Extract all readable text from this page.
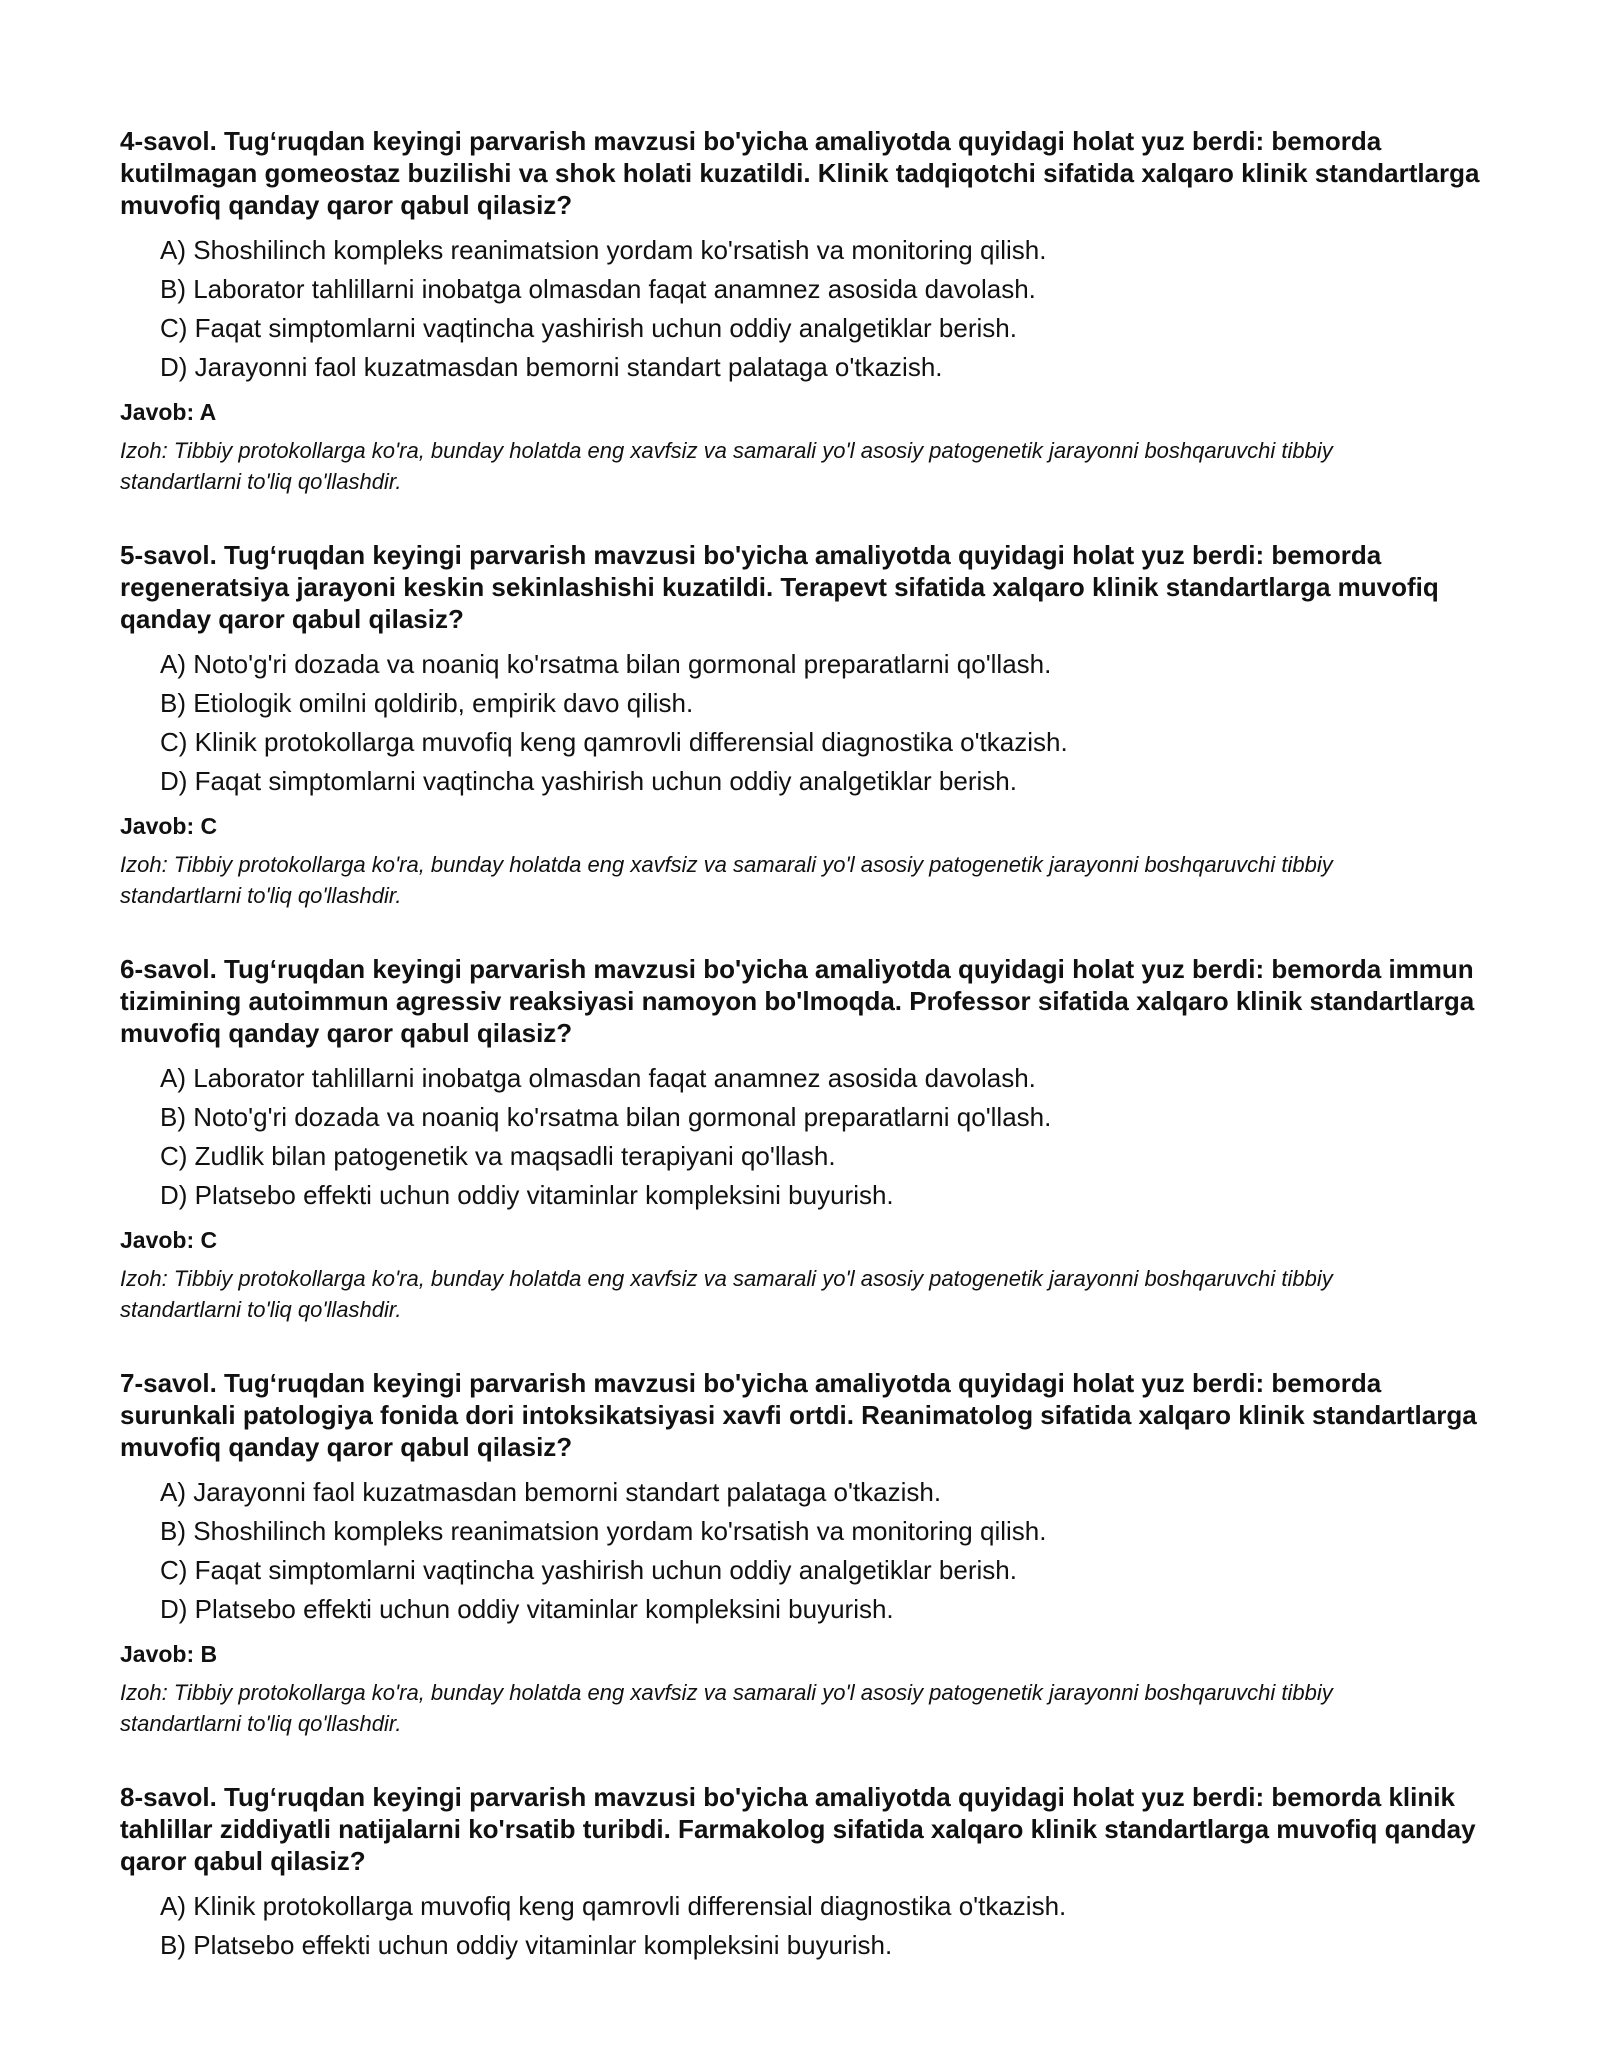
4-savol. Tug‘ruqdan keyingi parvarish mavzusi bo'yicha amaliyotda quyidagi holat yuz berdi: bemorda kutilmagan gomeostaz buzilishi va shok holati kuzatildi. Klinik tadqiqotchi sifatida xalqaro klinik standartlarga muvofiq qanday qaror qabul qilasiz?
A) Shoshilinch kompleks reanimatsion yordam ko'rsatish va monitoring qilish.
B) Laborator tahlillarni inobatga olmasdan faqat anamnez asosida davolash.
C) Faqat simptomlarni vaqtincha yashirish uchun oddiy analgetiklar berish.
D) Jarayonni faol kuzatmasdan bemorni standart palataga o'tkazish.
Javob: A
Izoh: Tibbiy protokollarga ko'ra, bunday holatda eng xavfsiz va samarali yo'l asosiy patogenetik jarayonni boshqaruvchi tibbiy standartlarni to'liq qo'llashdir.
5-savol. Tug‘ruqdan keyingi parvarish mavzusi bo'yicha amaliyotda quyidagi holat yuz berdi: bemorda regeneratsiya jarayoni keskin sekinlashishi kuzatildi. Terapevt sifatida xalqaro klinik standartlarga muvofiq qanday qaror qabul qilasiz?
A) Noto'g'ri dozada va noaniq ko'rsatma bilan gormonal preparatlarni qo'llash.
B) Etiologik omilni qoldirib, empirik davo qilish.
C) Klinik protokollarga muvofiq keng qamrovli differensial diagnostika o'tkazish.
D) Faqat simptomlarni vaqtincha yashirish uchun oddiy analgetiklar berish.
Javob: C
Izoh: Tibbiy protokollarga ko'ra, bunday holatda eng xavfsiz va samarali yo'l asosiy patogenetik jarayonni boshqaruvchi tibbiy standartlarni to'liq qo'llashdir.
6-savol. Tug‘ruqdan keyingi parvarish mavzusi bo'yicha amaliyotda quyidagi holat yuz berdi: bemorda immun tizimining autoimmun agressiv reaksiyasi namoyon bo'lmoqda. Professor sifatida xalqaro klinik standartlarga muvofiq qanday qaror qabul qilasiz?
A) Laborator tahlillarni inobatga olmasdan faqat anamnez asosida davolash.
B) Noto'g'ri dozada va noaniq ko'rsatma bilan gormonal preparatlarni qo'llash.
C) Zudlik bilan patogenetik va maqsadli terapiyani qo'llash.
D) Platsebo effekti uchun oddiy vitaminlar kompleksini buyurish.
Javob: C
Izoh: Tibbiy protokollarga ko'ra, bunday holatda eng xavfsiz va samarali yo'l asosiy patogenetik jarayonni boshqaruvchi tibbiy standartlarni to'liq qo'llashdir.
7-savol. Tug‘ruqdan keyingi parvarish mavzusi bo'yicha amaliyotda quyidagi holat yuz berdi: bemorda surunkali patologiya fonida dori intoksikatsiyasi xavfi ortdi. Reanimatolog sifatida xalqaro klinik standartlarga muvofiq qanday qaror qabul qilasiz?
A) Jarayonni faol kuzatmasdan bemorni standart palataga o'tkazish.
B) Shoshilinch kompleks reanimatsion yordam ko'rsatish va monitoring qilish.
C) Faqat simptomlarni vaqtincha yashirish uchun oddiy analgetiklar berish.
D) Platsebo effekti uchun oddiy vitaminlar kompleksini buyurish.
Javob: B
Izoh: Tibbiy protokollarga ko'ra, bunday holatda eng xavfsiz va samarali yo'l asosiy patogenetik jarayonni boshqaruvchi tibbiy standartlarni to'liq qo'llashdir.
8-savol. Tug‘ruqdan keyingi parvarish mavzusi bo'yicha amaliyotda quyidagi holat yuz berdi: bemorda klinik tahlillar ziddiyatli natijalarni ko'rsatib turibdi. Farmakolog sifatida xalqaro klinik standartlarga muvofiq qanday qaror qabul qilasiz?
A) Klinik protokollarga muvofiq keng qamrovli differensial diagnostika o'tkazish.
B) Platsebo effekti uchun oddiy vitaminlar kompleksini buyurish.
